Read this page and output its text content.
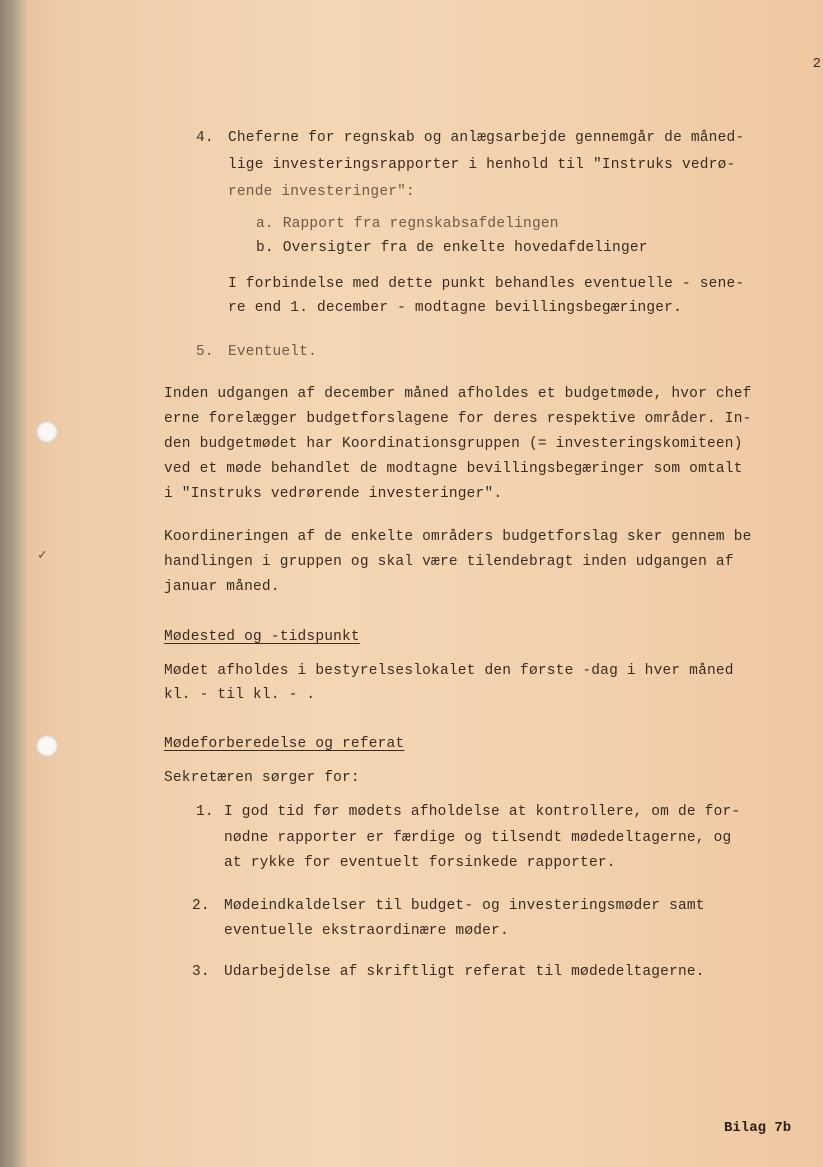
✓
2
4. Cheferne for regnskab og anlægsarbejde gennemgår de måned-
lige investeringsrapporter i henhold til "Instruks vedrø-
rende investeringer":
a. Rapport fra regnskabsafdelingen
b. Oversigter fra de enkelte hovedafdelinger
I forbindelse med dette punkt behandles eventuelle - sene-
re end 1. december - modtagne bevillingsbegæringer.
5. Eventuelt.
Inden udgangen af december måned afholdes et budgetmøde, hvor chef
erne forelægger budgetforslagene for deres respektive områder. In-
den budgetmødet har Koordinationsgruppen (= investeringskomiteen)
ved et møde behandlet de modtagne bevillingsbegæringer som omtalt
i "Instruks vedrørende investeringer".
Koordineringen af de enkelte områders budgetforslag sker gennem be
handlingen i gruppen og skal være tilendebragt inden udgangen af
januar måned.
Mødested og -tidspunkt
Mødet afholdes i bestyrelseslokalet den første -dag i hver måned
kl. - til kl. - .
Mødeforberedelse og referat
Sekretæren sørger for:
1. I god tid før mødets afholdelse at kontrollere, om de for-
nødne rapporter er færdige og tilsendt mødedeltagerne, og
at rykke for eventuelt forsinkede rapporter.
2. Mødeindkaldelser til budget- og investeringsmøder samt
eventuelle ekstraordinære møder.
3. Udarbejdelse af skriftligt referat til mødedeltagerne.
Bilag 7b
